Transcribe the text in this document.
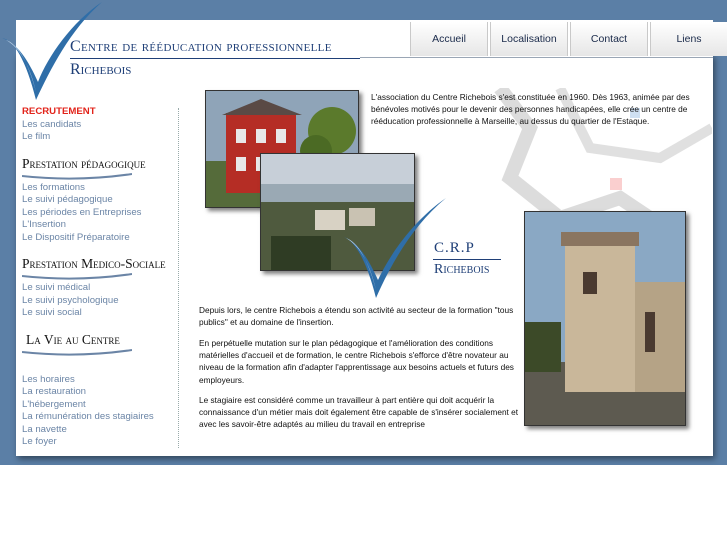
Centre de rééducation professionnelle
Richebois
Accueil	Localisation	Contact	Liens
RECRUTEMENT
Les candidats
Le film
Prestation pédagogique
Les formations
Le suivi pédagogique
Les périodes en Entreprises
L'Insertion
Le Dispositif Préparatoire
Prestation Medico-Sociale
Le suivi médical
Le suivi psychologique
Le suivi social
La Vie au Centre
Les horaires
La restauration
L'hébergement
La rémunération des stagiaires
La navette
Le foyer
C.R.P
Richebois
L'association du Centre Richebois s'est constituée en 1960. Dès 1963, animée par des bénévoles motivés pour le devenir des personnes handicapées, elle crée un centre de rééducation professionnelle à Marseille, au dessus du quartier de l'Estaque.
Depuis lors, le centre Richebois a étendu son activité au secteur de la formation "tous publics" et au domaine de l'insertion.
En perpétuelle mutation sur le plan pédagogique et l'amélioration des conditions matérielles d'accueil et de formation, le centre Richebois s'efforce d'être novateur au niveau de la formation afin d'adapter l'apprentissage aux besoins actuels et futurs des employeurs.
Le stagiaire est considéré comme un travailleur à part entière qui doit acquérir la connaissance d'un métier mais doit également être capable de s'insérer socialement et avec les savoir-être adaptés au milieu du travail en entreprise
